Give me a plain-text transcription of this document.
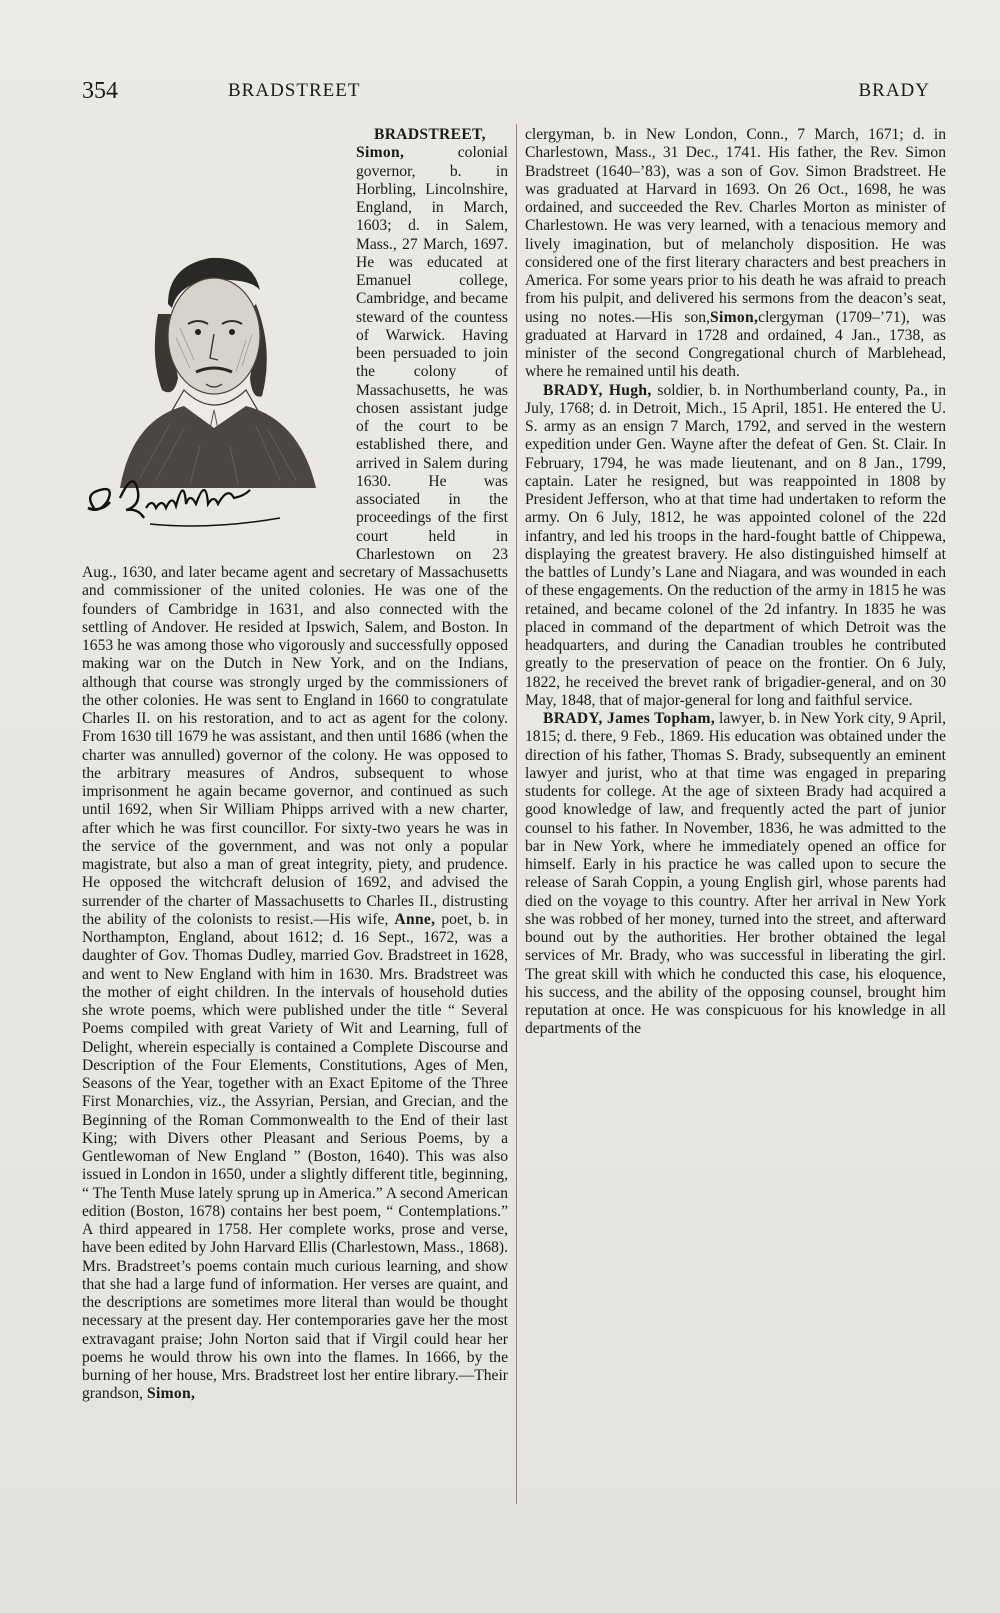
354	BRADSTREET	BRADY

BRADSTREET, Simon,	colonial governor, b. in Horbling, Lincolnshire, England, in March, 1603; d. in Salem, Mass., 27 March, 1697. He was educated at Emanuel college, Cambridge, and became steward of the countess of Warwick. Having been persuaded to join the colony of Massachusetts, he was chosen assistant judge of the court to be established there, and arrived in Salem during 1630. He was associated in the proceedings of the first court held in Charlestown on 23 Aug., 1630, and later became agent and secretary of Massachusetts and commissioner of the united colonies. He was one of the founders of Cambridge in 1631, and also connected with the settling of Andover. He resided at Ipswich, Salem, and Boston. In 1653 he was among those who vigorously and successfully opposed making war on the Dutch in New York, and on the Indians, although that course was strongly urged by the commissioners of the other colonies. He was sent to England in 1660 to congratulate Charles II. on his restoration, and to act as agent for the colony. From 1630 till 1679 he was assistant, and then until 1686 (when the charter was annulled) governor of the colony. He was opposed to the arbitrary measures of Andros, subsequent to whose imprisonment he again became governor, and continued as such until 1692, when Sir William Phipps arrived with a new charter, after which he was first councillor. For sixty-two years he was in the service of the government, and was not only a popular magistrate, but also a man of great integrity, piety, and prudence. He opposed the witchcraft delusion of 1692, and advised the surrender of the charter of Massachusetts to Charles II., distrusting the ability of the colonists to resist.—His wife, Anne, poet, b. in Northampton, England, about 1612; d. 16 Sept., 1672, was a daughter of Gov. Thomas Dudley, married Gov. Bradstreet in 1628, and went to New England with him in 1630. Mrs. Bradstreet was the mother of eight children. In the intervals of household duties she wrote poems, which were published under the title “ Several Poems compiled with great Variety of Wit and Learning, full of Delight, wherein especially is contained a Complete Discourse and Description of the Four Elements, Constitutions, Ages of Men, Seasons of the Year, together with an Exact Epitome of the Three First Monarchies, viz., the Assyrian, Persian, and Grecian, and the Beginning of the Roman Commonwealth to the End of their last King; with Divers other Pleasant and Serious Poems, by a Gentlewoman of New England ” (Boston, 1640). This was also issued in London in 1650, under a slightly different title, beginning, “ The Tenth Muse lately sprung up in America.” A second American edition (Boston, 1678) contains her best poem, “ Contemplations.” A third appeared in 1758. Her complete works, prose and verse, have been edited by John Harvard Ellis (Charlestown, Mass., 1868). Mrs. Bradstreet’s poems contain much curious learning, and show that she had a large fund of information. Her verses are quaint, and the descriptions are sometimes more literal than would be thought necessary at the present day. Her contemporaries gave her the most extravagant praise; John Norton said that if Virgil could hear her poems he would throw his own into the flames. In 1666, by the burning of her house, Mrs. Bradstreet lost her entire library.—Their grandson, Simon,

clergyman, b. in New London, Conn., 7 March, 1671; d. in Charlestown, Mass., 31 Dec., 1741. His father, the Rev. Simon Bradstreet (1640–’83), was a son of Gov. Simon Bradstreet. He was graduated at Harvard in 1693. On 26 Oct., 1698, he was ordained, and succeeded the Rev. Charles Morton as minister of Charlestown. He was very learned, with a tenacious memory and lively imagination, but of melancholy disposition. He was considered one of the first literary characters and best preachers in America. For some years prior to his death he was afraid to preach from his pulpit, and delivered his sermons from the deacon’s seat, using no notes.—His son,Simon,clergyman (1709–’71), was graduated at Harvard in 1728 and ordained, 4 Jan., 1738, as minister of the second Congregational church of Marblehead, where he remained until his death.

BRADY, Hugh, soldier, b. in Northumberland county, Pa., in July, 1768; d. in Detroit, Mich., 15 April, 1851. He entered the U. S. army as an ensign 7 March, 1792, and served in the western expedition under Gen. Wayne after the defeat of Gen. St. Clair. In February, 1794, he was made lieutenant, and on 8 Jan., 1799, captain. Later he resigned, but was reappointed in 1808 by President Jefferson, who at that time had undertaken to reform the army. On 6 July, 1812, he was appointed colonel of the 22d infantry, and led his troops in the hard-fought battle of Chippewa, displaying the greatest bravery. He also distinguished himself at the battles of Lundy’s Lane and Niagara, and was wounded in each of these engagements. On the reduction of the army in 1815 he was retained, and became colonel of the 2d infantry. In 1835 he was placed in command of the department of which Detroit was the headquarters, and during the Canadian troubles he contributed greatly to the preservation of peace on the frontier. On 6 July, 1822, he received the brevet rank of brigadier-general, and on 30 May, 1848, that of major-general for long and faithful service.

BRADY, James Topham, lawyer, b. in New York city, 9 April, 1815; d. there, 9 Feb., 1869. His education was obtained under the direction of his father, Thomas S. Brady, subsequently an eminent lawyer and jurist, who at that time was engaged in preparing students for college. At the age of sixteen Brady had acquired a good knowledge of law, and frequently acted the part of junior counsel to his father. In November, 1836, he was admitted to the bar in New York, where he immediately opened an office for himself. Early in his practice he was called upon to secure the release of Sarah Coppin, a young English girl, whose parents had died on the voyage to this country. After her arrival in New York she was robbed of her money, turned into the street, and afterward bound out by the authorities. Her brother obtained the legal services of Mr. Brady, who was successful in liberating the girl. The great skill with which he conducted this case, his eloquence, his success, and the ability of the opposing counsel, brought him reputation at once. He was conspicuous for his knowledge in all departments of the
